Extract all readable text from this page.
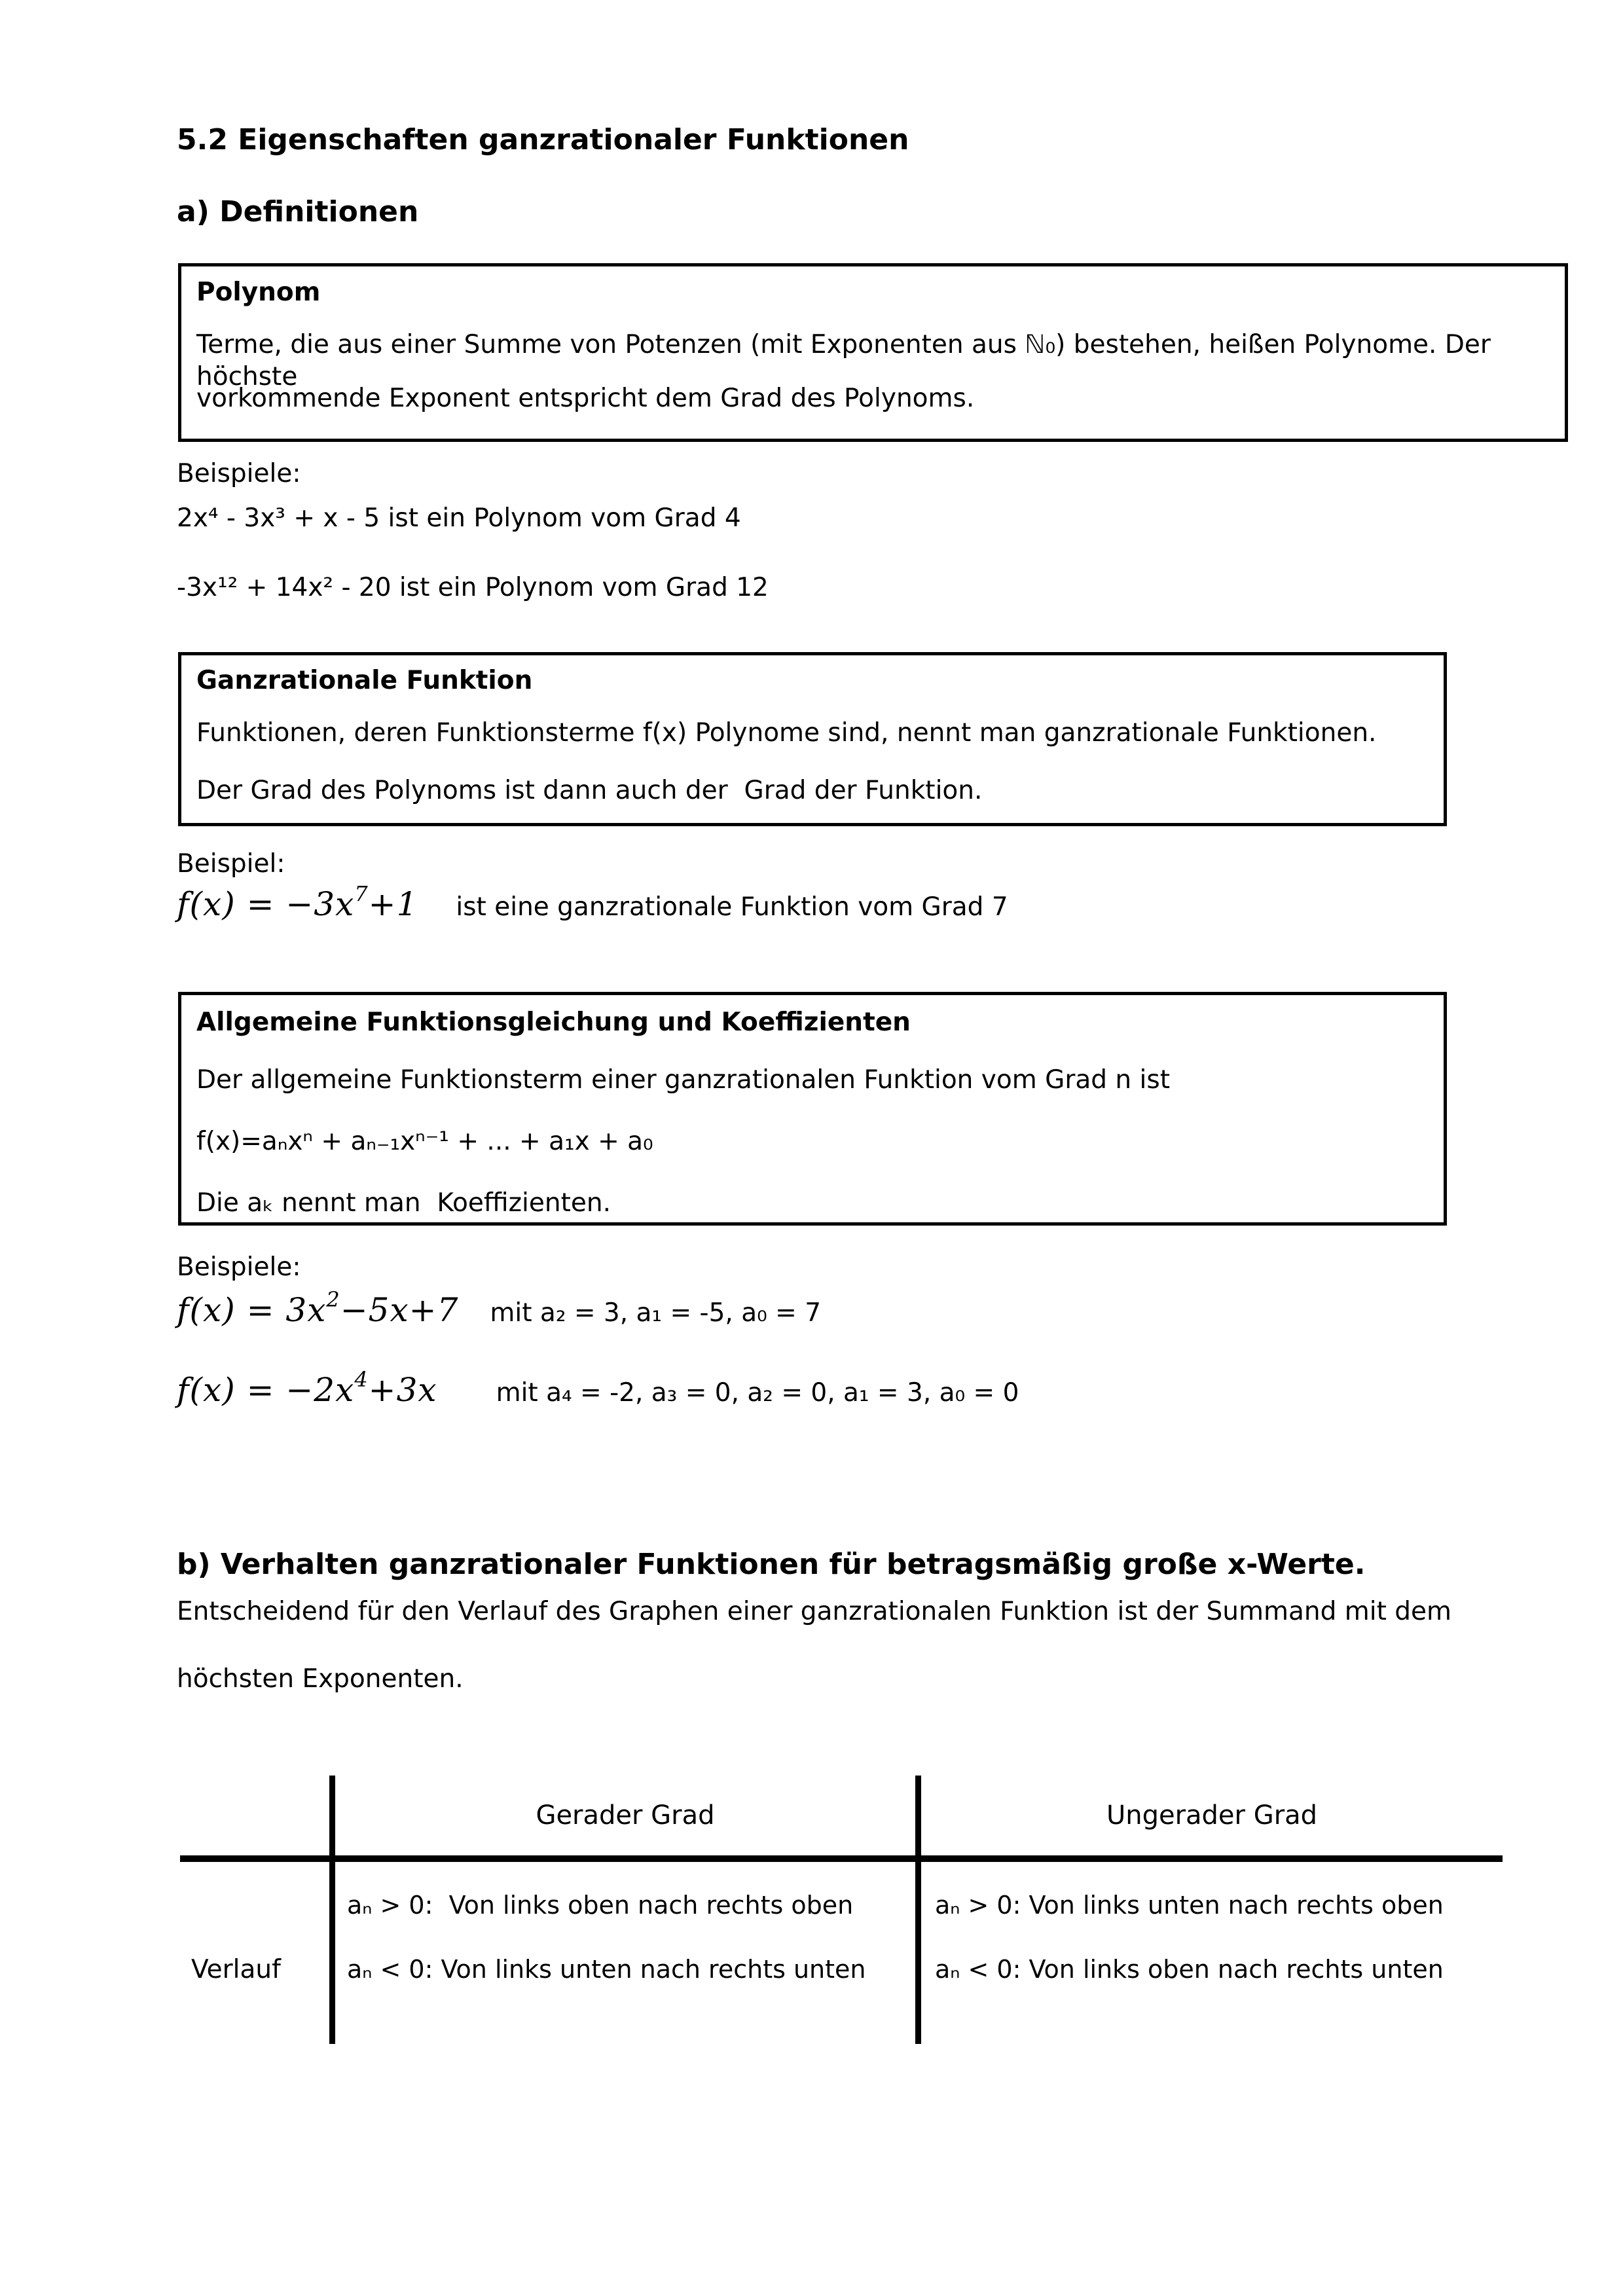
5.2 Eigenschaften ganzrationaler Funktionen
a) Definitionen
Polynom
Terme, die aus einer Summe von Potenzen (mit Exponenten aus ℕ₀) bestehen, heißen Polynome. Der höchste
vorkommende Exponent entspricht dem Grad des Polynoms.
Beispiele:
2x⁴ - 3x³ + x - 5 ist ein Polynom vom Grad 4
-3x¹² + 14x² - 20 ist ein Polynom vom Grad 12
Ganzrationale Funktion
Funktionen, deren Funktionsterme f(x) Polynome sind, nennt man ganzrationale Funktionen.
Der Grad des Polynoms ist dann auch der  Grad der Funktion.
Beispiel:
$f(x) = -3x^7+1$ ist eine ganzrationale Funktion vom Grad 7
Allgemeine Funktionsgleichung und Koeffizienten
Der allgemeine Funktionsterm einer ganzrationalen Funktion vom Grad n ist
f(x)=aₙxⁿ + aₙ₋₁xⁿ⁻¹ + ... + a₁x + a₀
Die aₖ nennt man  Koeffizienten.
Beispiele:
$f(x) = 3x^2-5x+7$ mit a₂ = 3, a₁ = -5, a₀ = 7
$f(x) = -2x^4+3x$ mit a₄ = -2, a₃ = 0, a₂ = 0, a₁ = 3, a₀ = 0
b) Verhalten ganzrationaler Funktionen für betragsmäßig große x-Werte.
Entscheidend für den Verlauf des Graphen einer ganzrationalen Funktion ist der Summand mit dem
höchsten Exponenten.
Gerader Grad	Ungerader Grad
Verlauf
aₙ > 0:  Von links oben nach rechts oben
aₙ < 0: Von links unten nach rechts unten
aₙ > 0: Von links unten nach rechts oben
aₙ < 0: Von links oben nach rechts unten
